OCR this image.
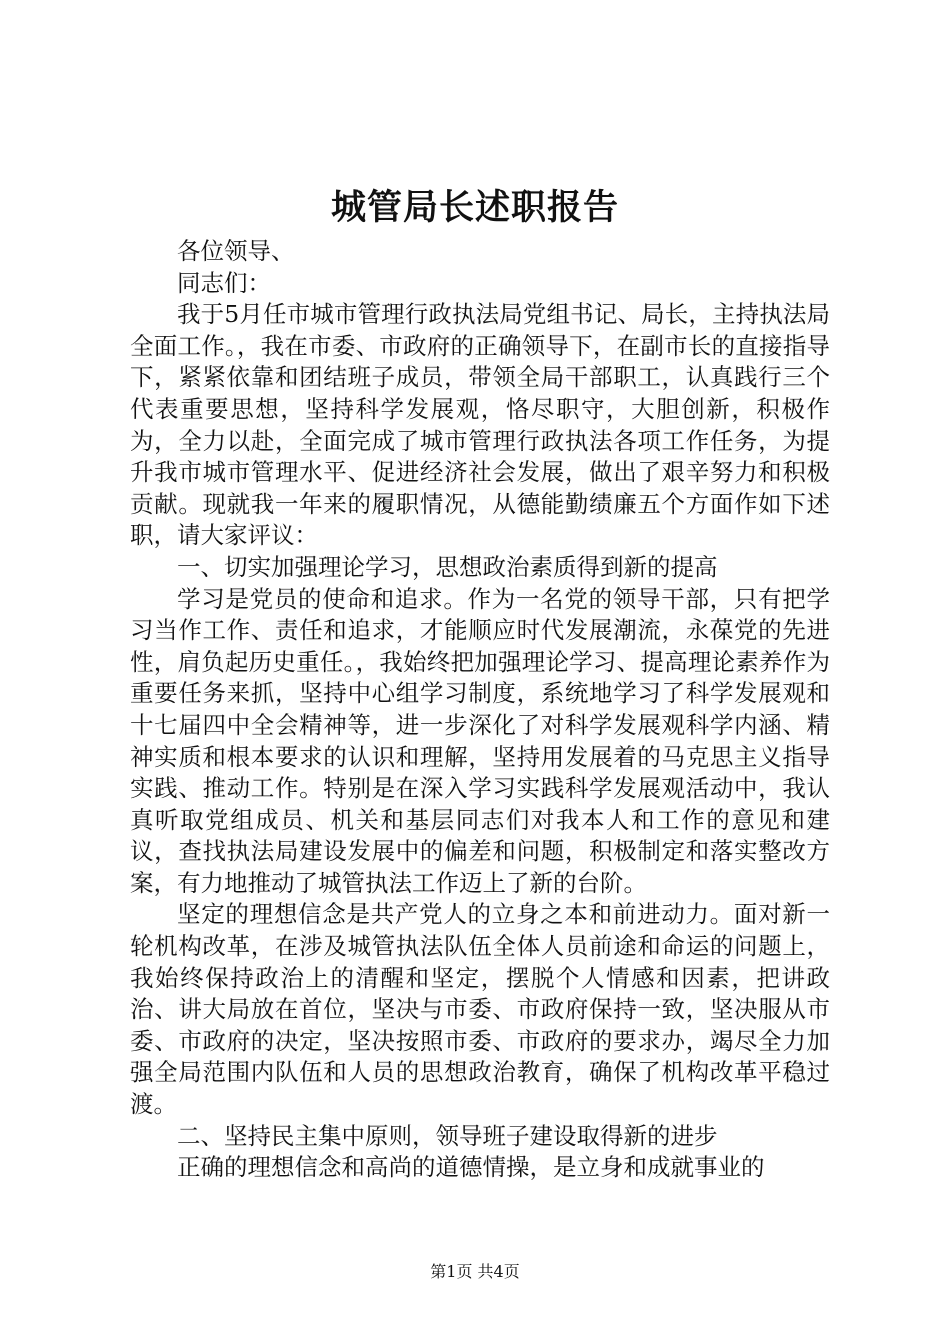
城管局长述职报告

各位领导、

同志们：

我于5月任市城市管理行政执法局党组书记、局长，主持执法局全面工作。，我在市委、市政府的正确领导下，在副市长的直接指导下，紧紧依靠和团结班子成员，带领全局干部职工，认真践行三个代表重要思想，坚持科学发展观，恪尽职守，大胆创新，积极作为，全力以赴，全面完成了城市管理行政执法各项工作任务，为提升我市城市管理水平、促进经济社会发展，做出了艰辛努力和积极贡献。现就我一年来的履职情况，从德能勤绩廉五个方面作如下述职，请大家评议：

一、切实加强理论学习，思想政治素质得到新的提高

学习是党员的使命和追求。作为一名党的领导干部，只有把学习当作工作、责任和追求，才能顺应时代发展潮流，永葆党的先进性，肩负起历史重任。，我始终把加强理论学习、提高理论素养作为重要任务来抓，坚持中心组学习制度，系统地学习了科学发展观和十七届四中全会精神等，进一步深化了对科学发展观科学内涵、精神实质和根本要求的认识和理解，坚持用发展着的马克思主义指导实践、推动工作。特别是在深入学习实践科学发展观活动中，我认真听取党组成员、机关和基层同志们对我本人和工作的意见和建议，查找执法局建设发展中的偏差和问题，积极制定和落实整改方案，有力地推动了城管执法工作迈上了新的台阶。

坚定的理想信念是共产党人的立身之本和前进动力。面对新一轮机构改革，在涉及城管执法队伍全体人员前途和命运的问题上，我始终保持政治上的清醒和坚定，摆脱个人情感和因素，把讲政治、讲大局放在首位，坚决与市委、市政府保持一致，坚决服从市委、市政府的决定，坚决按照市委、市政府的要求办，竭尽全力加强全局范围内队伍和人员的思想政治教育，确保了机构改革平稳过渡。

二、坚持民主集中原则，领导班子建设取得新的进步

正确的理想信念和高尚的道德情操，是立身和成就事业的

第1页 共4页
